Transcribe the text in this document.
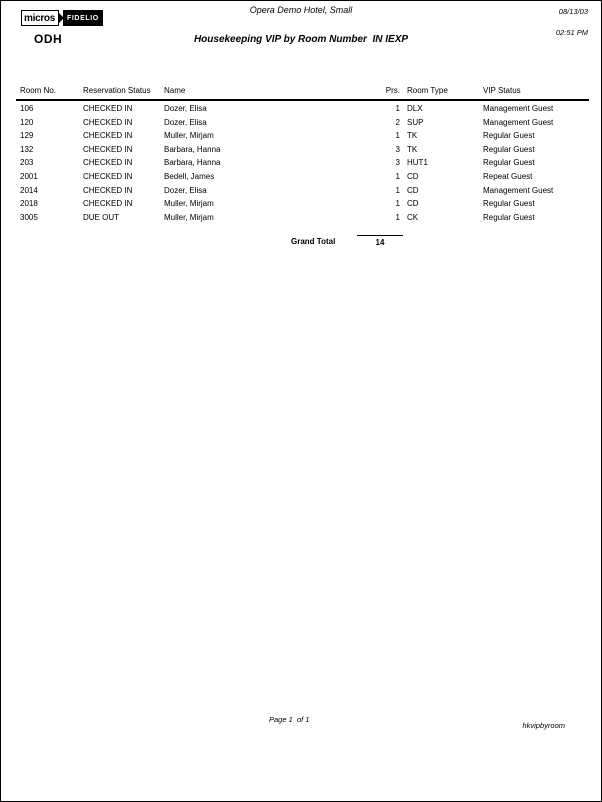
micros	FIDELIO
ODH
Opera Demo Hotel, Small
Housekeeping VIP by Room Number  IN IEXP
08/13/03
02:51 PM
Room No.	Reservation Status	Name	Prs.	Room Type	VIP Status
106	CHECKED IN	Dozer, Elisa	1	DLX	Management Guest
120	CHECKED IN	Dozer, Elisa	2	SUP	Management Guest
129	CHECKED IN	Muller, Mirjam	1	TK	Regular Guest
132	CHECKED IN	Barbara, Hanna	3	TK	Regular Guest
203	CHECKED IN	Barbara, Hanna	3	HUT1	Regular Guest
2001	CHECKED IN	Bedell, James	1	CD	Repeat Guest
2014	CHECKED IN	Dozer, Elisa	1	CD	Management Guest
2018	CHECKED IN	Muller, Mirjam	1	CD	Regular Guest
3005	DUE OUT	Muller, Mirjam	1	CK	Regular Guest
Grand Total	14
Page 1  of 1
hkvipbyroom
